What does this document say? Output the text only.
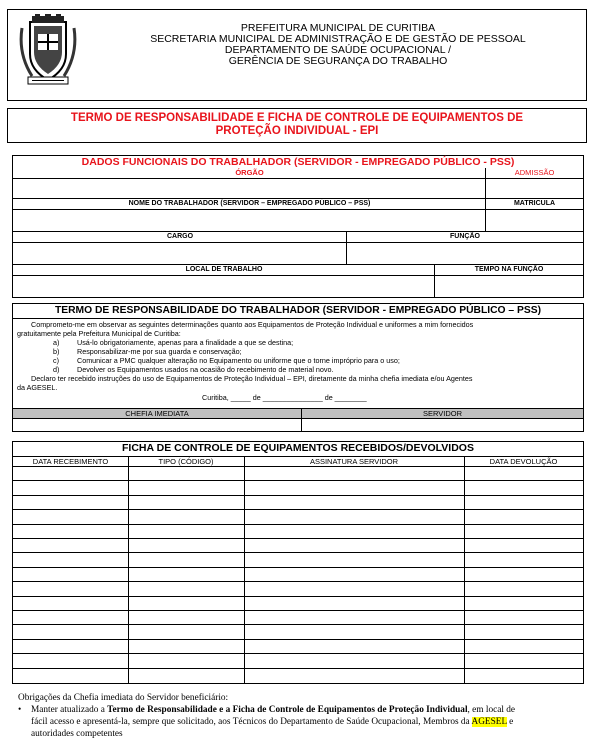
PREFEITURA MUNICIPAL DE CURITIBA
SECRETARIA MUNICIPAL DE ADMINISTRAÇÃO E DE GESTÃO DE PESSOAL
DEPARTAMENTO DE SAÚDE OCUPACIONAL /
GERÊNCIA DE SEGURANÇA DO TRABALHO
TERMO DE RESPONSABILIDADE E FICHA DE CONTROLE DE EQUIPAMENTOS DE
PROTEÇÃO INDIVIDUAL - EPI
DADOS FUNCIONAIS DO TRABALHADOR (SERVIDOR - EMPREGADO PÚBLICO - PSS)
ÓRGÃO	ADMISSÃO
NOME DO TRABALHADOR (SERVIDOR – EMPREGADO PÚBLICO – PSS)	MATRICULA
CARGO	FUNÇÃO
LOCAL DE TRABALHO	TEMPO NA FUNÇÃO
TERMO DE RESPONSABILIDADE DO TRABALHADOR (SERVIDOR - EMPREGADO PÚBLICO – PSS)
Comprometo-me em observar as seguintes determinações quanto aos Equipamentos de Proteção Individual e uniformes a mim fornecidos
gratuitamente pela Prefeitura Municipal de Curitiba:
a) Usá-lo obrigatoriamente, apenas para a finalidade a que se destina;
b) Responsabilizar-me por sua guarda e conservação;
c)	Comunicar a PMC qualquer alteração no Equipamento ou uniforme que o torne impróprio para o uso;
d) Devolver os Equipamentos usados na ocasião do recebimento de material novo.
Declaro ter recebido instruções do uso de Equipamentos de Proteção Individual – EPI, diretamente da minha chefia imediata e/ou Agentes
da AGESEL.
Curitiba, _____ de _______________ de ________
CHEFIA IMEDIATA	SERVIDOR
FICHA DE CONTROLE DE EQUIPAMENTOS RECEBIDOS/DEVOLVIDOS
DATA RECEBIMENTO	TIPO (CÓDIGO)	ASSINATURA SERVIDOR	DATA DEVOLUÇÃO
Obrigações da Chefia imediata do Servidor beneficiário:
• Manter atualizado a Termo de Responsabilidade e a Ficha de Controle de Equipamentos de Proteção Individual, em local de
fácil acesso e apresentá-la, sempre que solicitado, aos Técnicos do Departamento de Saúde Ocupacional, Membros da AGESEL e
autoridades competentes
